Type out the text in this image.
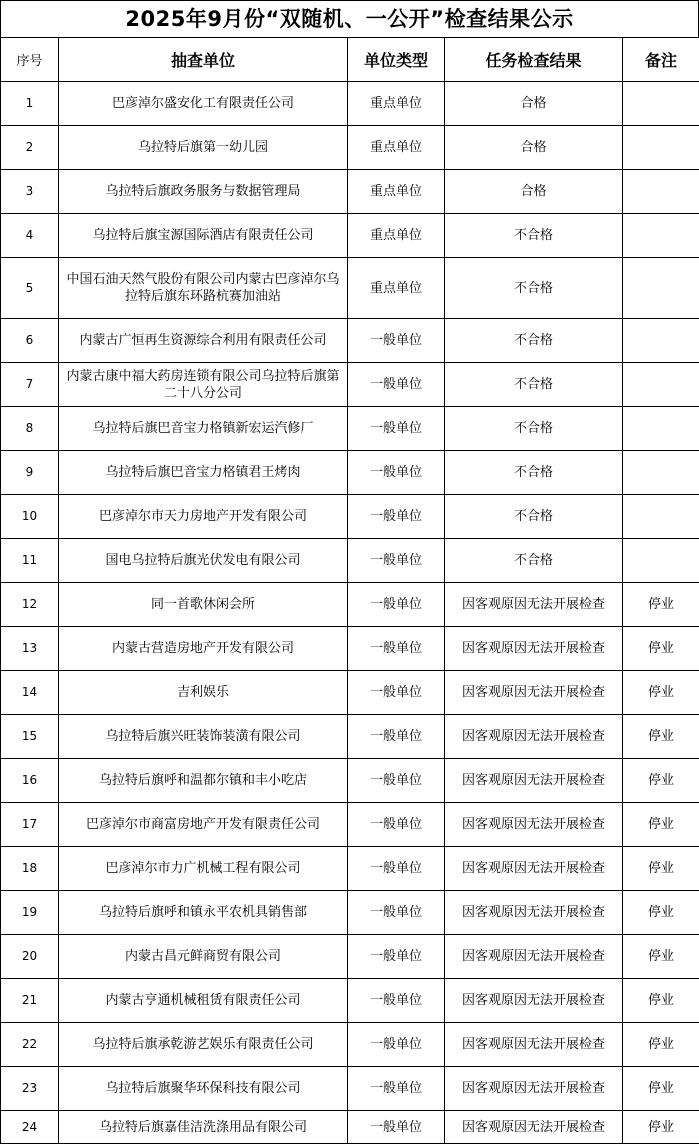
2025年9月份“双随机、一公开”检查结果公示
序号	抽查单位	单位类型	任务检查结果	备注
1	巴彦淖尔盛安化工有限责任公司	重点单位	合格	
2	乌拉特后旗第一幼儿园	重点单位	合格	
3	乌拉特后旗政务服务与数据管理局	重点单位	合格	
4	乌拉特后旗宝源国际酒店有限责任公司	重点单位	不合格	
5	中国石油天然气股份有限公司内蒙古巴彦淖尔乌拉特后旗东环路杭赛加油站	重点单位	不合格	
6	内蒙古广恒再生资源综合利用有限责任公司	一般单位	不合格	
7	内蒙古康中福大药房连锁有限公司乌拉特后旗第二十八分公司	一般单位	不合格	
8	乌拉特后旗巴音宝力格镇新宏运汽修厂	一般单位	不合格	
9	乌拉特后旗巴音宝力格镇君王烤肉	一般单位	不合格	
10	巴彦淖尔市天力房地产开发有限公司	一般单位	不合格	
11	国电乌拉特后旗光伏发电有限公司	一般单位	不合格	
12	同一首歌休闲会所	一般单位	因客观原因无法开展检查	停业
13	内蒙古营造房地产开发有限公司	一般单位	因客观原因无法开展检查	停业
14	吉利娱乐	一般单位	因客观原因无法开展检查	停业
15	乌拉特后旗兴旺装饰装潢有限公司	一般单位	因客观原因无法开展检查	停业
16	乌拉特后旗呼和温都尔镇和丰小吃店	一般单位	因客观原因无法开展检查	停业
17	巴彦淖尔市商富房地产开发有限责任公司	一般单位	因客观原因无法开展检查	停业
18	巴彦淖尔市力广机械工程有限公司	一般单位	因客观原因无法开展检查	停业
19	乌拉特后旗呼和镇永平农机具销售部	一般单位	因客观原因无法开展检查	停业
20	内蒙古昌元鲜商贸有限公司	一般单位	因客观原因无法开展检查	停业
21	内蒙古亨通机械租赁有限责任公司	一般单位	因客观原因无法开展检查	停业
22	乌拉特后旗承乾游艺娱乐有限责任公司	一般单位	因客观原因无法开展检查	停业
23	乌拉特后旗聚华环保科技有限公司	一般单位	因客观原因无法开展检查	停业
24	乌拉特后旗嘉佳洁洗涤用品有限公司	一般单位	因客观原因无法开展检查	停业
